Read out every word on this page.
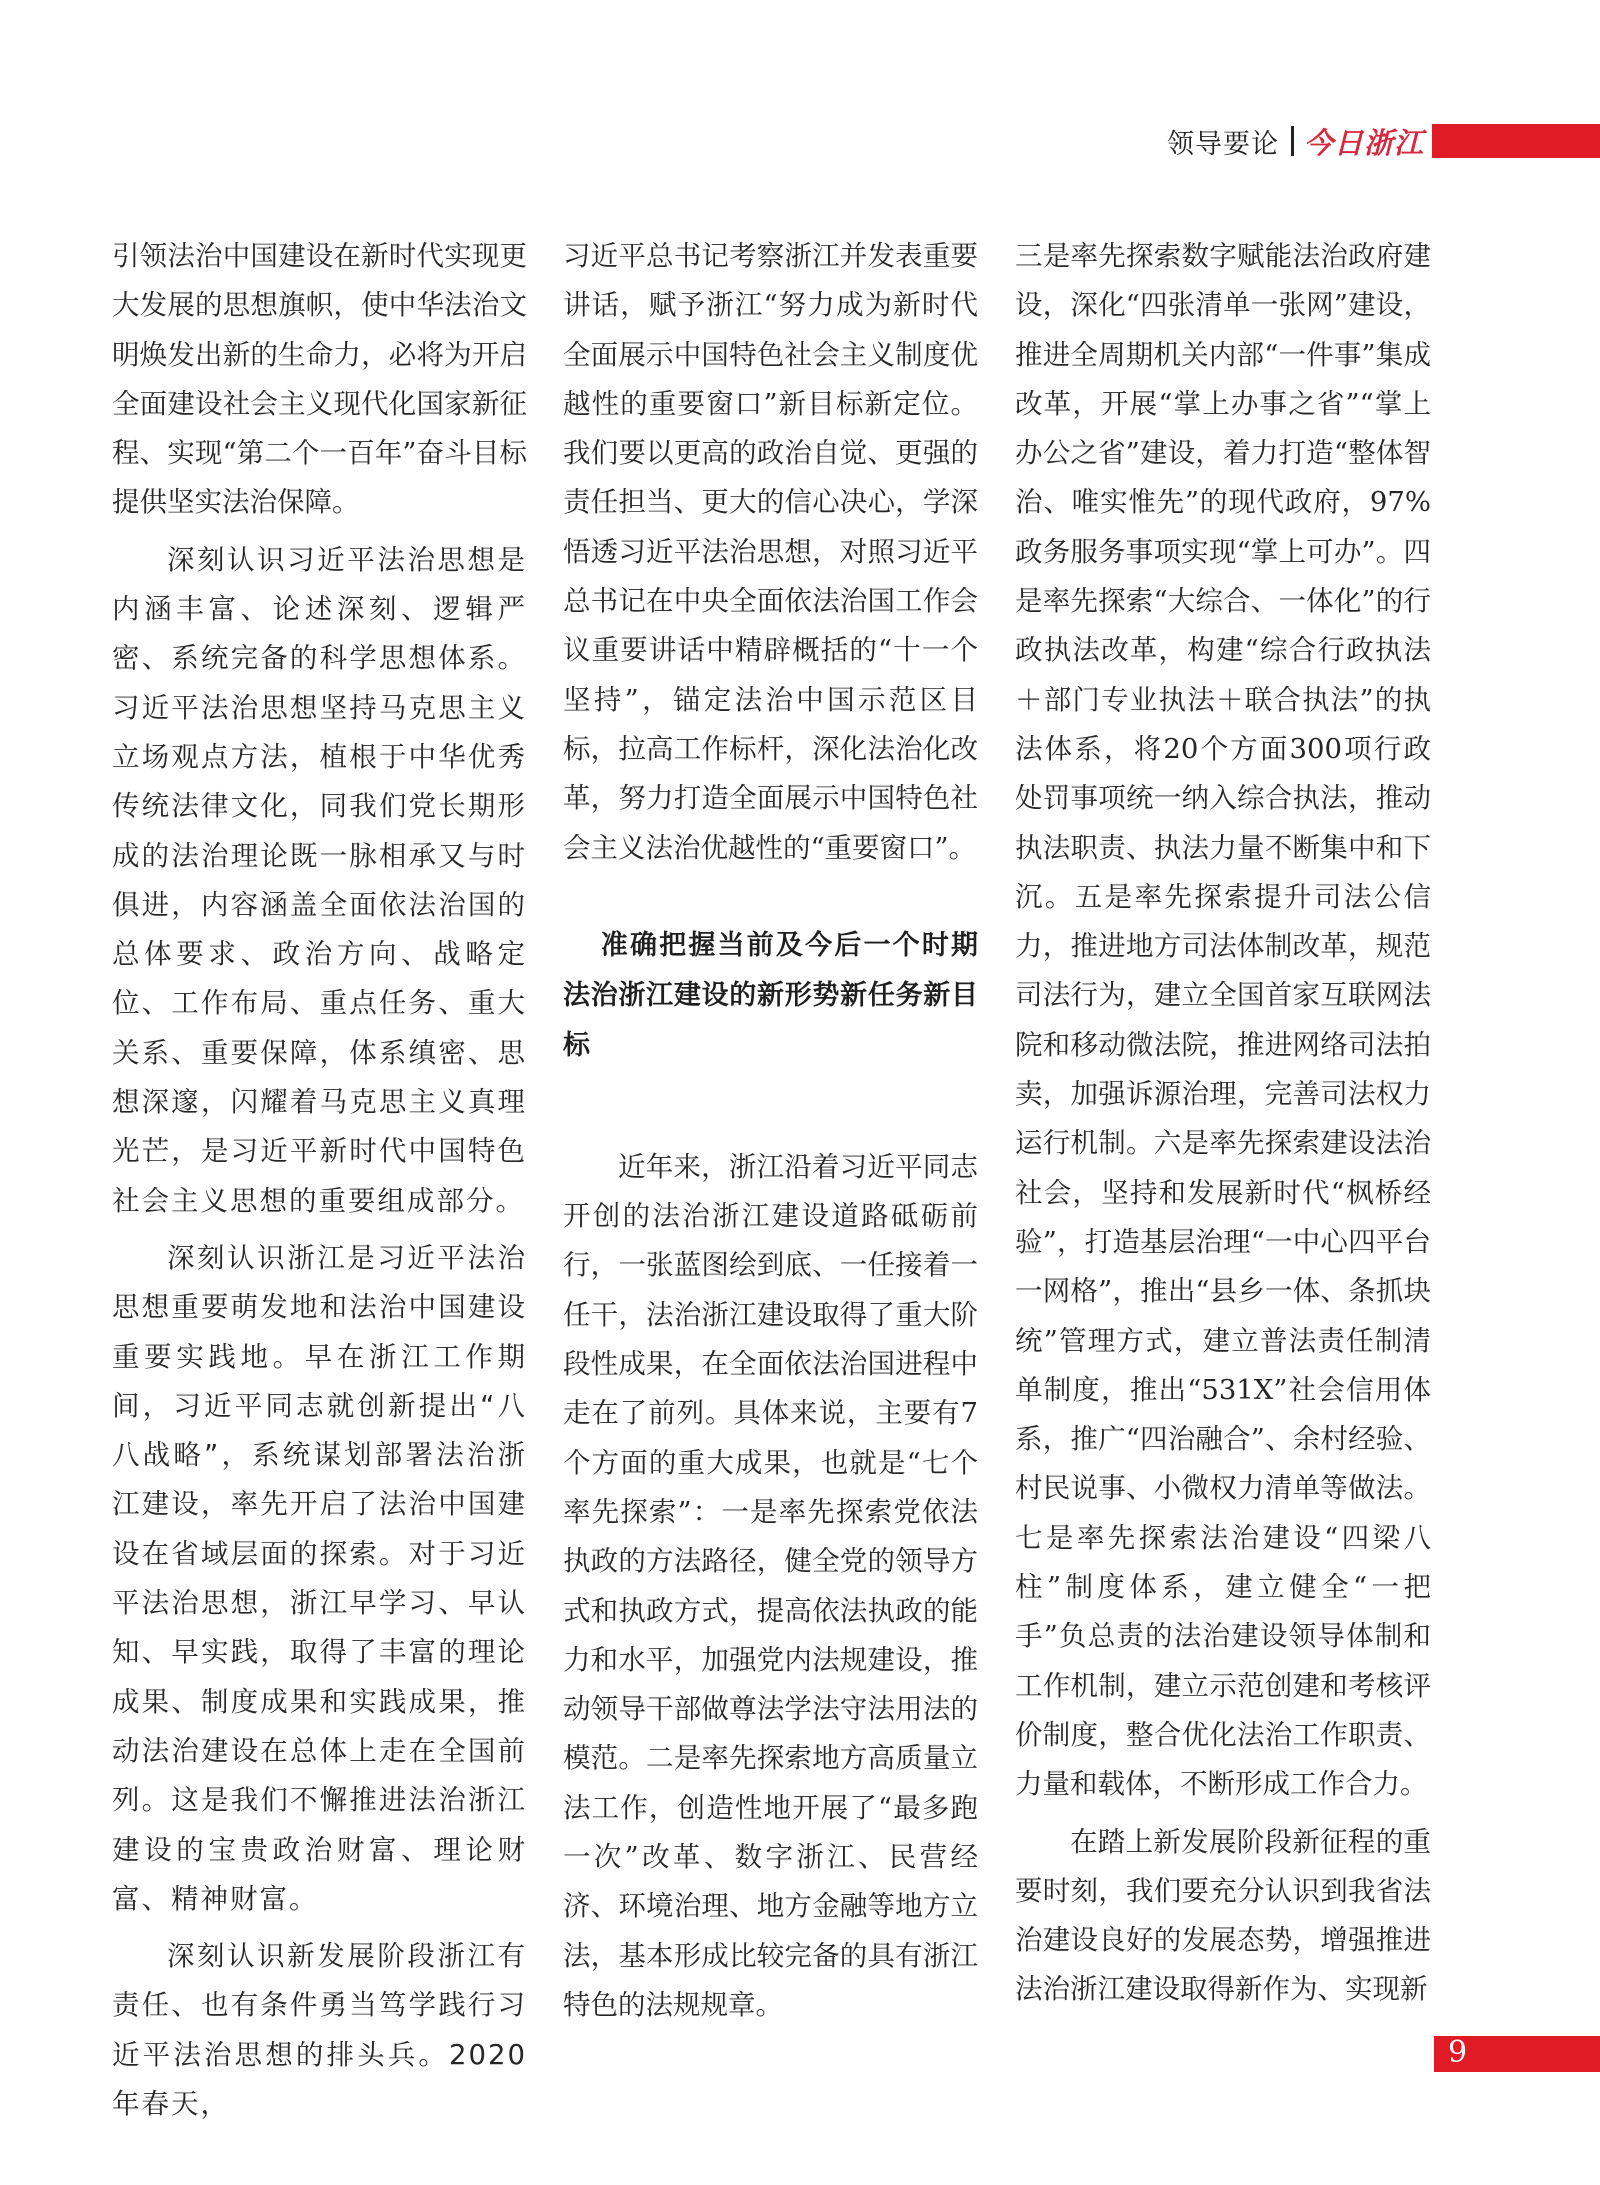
领导要论 今日浙江

引领法治中国建设在新时代实现更大发展的思想旗帜，使中华法治文明焕发出新的生命力，必将为开启全面建设社会主义现代化国家新征程、实现“第二个一百年”奋斗目标提供坚实法治保障。

深刻认识习近平法治思想是内涵丰富、论述深刻、逻辑严密、系统完备的科学思想体系。习近平法治思想坚持马克思主义立场观点方法，植根于中华优秀传统法律文化，同我们党长期形成的法治理论既一脉相承又与时俱进，内容涵盖全面依法治国的总体要求、政治方向、战略定位、工作布局、重点任务、重大关系、重要保障，体系缜密、思想深邃，闪耀着马克思主义真理光芒，是习近平新时代中国特色社会主义思想的重要组成部分。

深刻认识浙江是习近平法治思想重要萌发地和法治中国建设重要实践地。早在浙江工作期间，习近平同志就创新提出“八八战略”，系统谋划部署法治浙江建设，率先开启了法治中国建设在省域层面的探索。对于习近平法治思想，浙江早学习、早认知、早实践，取得了丰富的理论成果、制度成果和实践成果，推动法治建设在总体上走在全国前列。这是我们不懈推进法治浙江建设的宝贵政治财富、理论财富、精神财富。

深刻认识新发展阶段浙江有责任、也有条件勇当笃学践行习近平法治思想的排头兵。2020年春天，

习近平总书记考察浙江并发表重要讲话，赋予浙江“努力成为新时代全面展示中国特色社会主义制度优越性的重要窗口”新目标新定位。我们要以更高的政治自觉、更强的责任担当、更大的信心决心，学深悟透习近平法治思想，对照习近平总书记在中央全面依法治国工作会议重要讲话中精辟概括的“十一个坚持”，锚定法治中国示范区目标，拉高工作标杆，深化法治化改革，努力打造全面展示中国特色社会主义法治优越性的“重要窗口”。

准确把握当前及今后一个时期法治浙江建设的新形势新任务新目标

近年来，浙江沿着习近平同志开创的法治浙江建设道路砥砺前行，一张蓝图绘到底、一任接着一任干，法治浙江建设取得了重大阶段性成果，在全面依法治国进程中走在了前列。具体来说，主要有7个方面的重大成果，也就是“七个率先探索”：一是率先探索党依法执政的方法路径，健全党的领导方式和执政方式，提高依法执政的能力和水平，加强党内法规建设，推动领导干部做尊法学法守法用法的模范。二是率先探索地方高质量立法工作，创造性地开展了“最多跑一次”改革、数字浙江、民营经济、环境治理、地方金融等地方立法，基本形成比较完备的具有浙江特色的法规规章。

三是率先探索数字赋能法治政府建设，深化“四张清单一张网”建设，推进全周期机关内部“一件事”集成改革，开展“掌上办事之省”“掌上办公之省”建设，着力打造“整体智治、唯实惟先”的现代政府，97%政务服务事项实现“掌上可办”。四是率先探索“大综合、一体化”的行政执法改革，构建“综合行政执法＋部门专业执法＋联合执法”的执法体系，将20个方面300项行政处罚事项统一纳入综合执法，推动执法职责、执法力量不断集中和下沉。五是率先探索提升司法公信力，推进地方司法体制改革，规范司法行为，建立全国首家互联网法院和移动微法院，推进网络司法拍卖，加强诉源治理，完善司法权力运行机制。六是率先探索建设法治社会，坚持和发展新时代“枫桥经验”，打造基层治理“一中心四平台一网格”，推出“县乡一体、条抓块统”管理方式，建立普法责任制清单制度，推出“531X”社会信用体系，推广“四治融合”、余村经验、村民说事、小微权力清单等做法。七是率先探索法治建设“四梁八柱”制度体系，建立健全“一把手”负总责的法治建设领导体制和工作机制，建立示范创建和考核评价制度，整合优化法治工作职责、力量和载体，不断形成工作合力。

在踏上新发展阶段新征程的重要时刻，我们要充分认识到我省法治建设良好的发展态势，增强推进法治浙江建设取得新作为、实现新

9
